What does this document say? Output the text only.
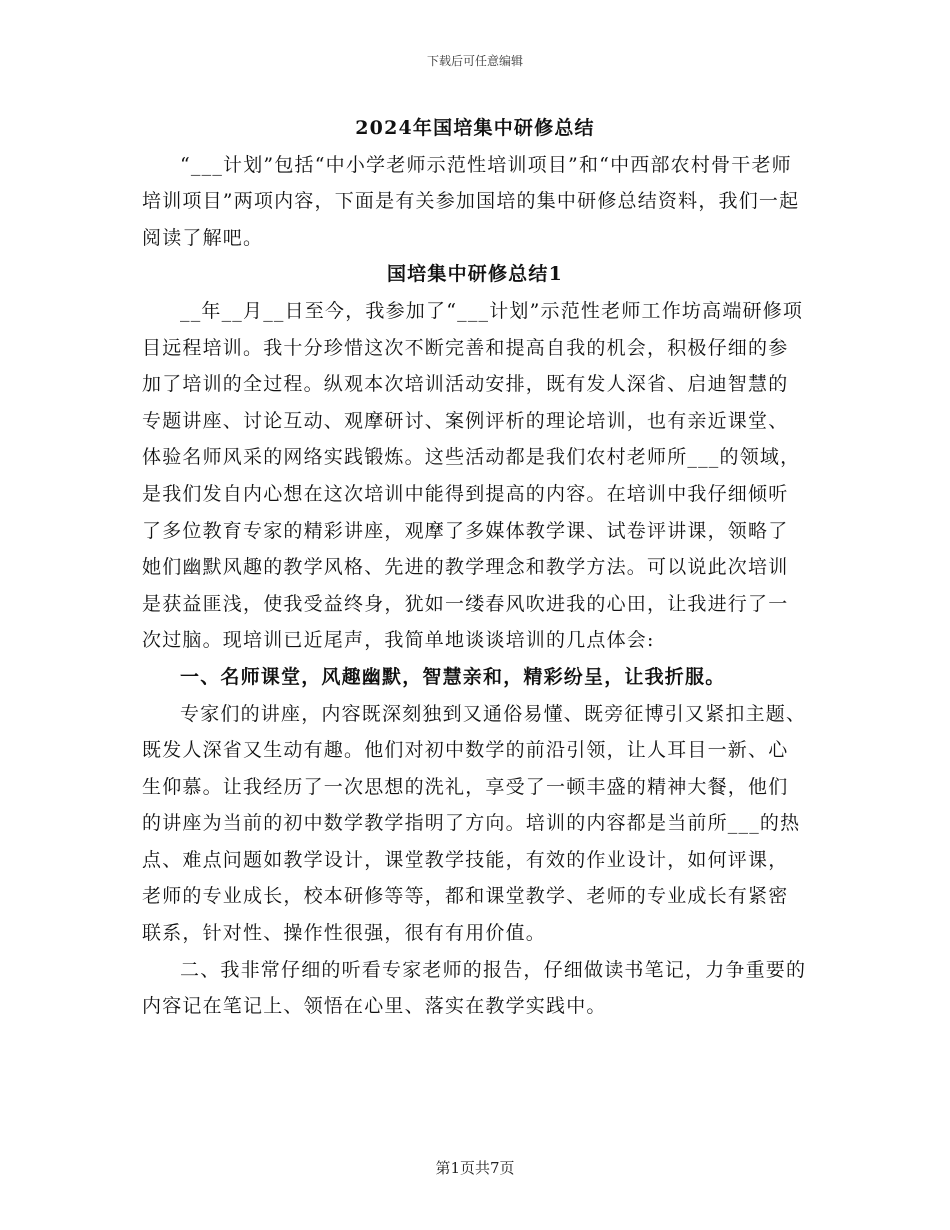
下载后可任意编辑

2024年国培集中研修总结

“___计划”包括“中小学老师示范性培训项目”和“中西部农村骨干老师培训项目”两项内容，下面是有关参加国培的集中研修总结资料，我们一起阅读了解吧。

国培集中研修总结1

__年__月__日至今，我参加了“___计划”示范性老师工作坊高端研修项目远程培训。我十分珍惜这次不断完善和提高自我的机会，积极仔细的参加了培训的全过程。纵观本次培训活动安排，既有发人深省、启迪智慧的专题讲座、讨论互动、观摩研讨、案例评析的理论培训，也有亲近课堂、体验名师风采的网络实践锻炼。这些活动都是我们农村老师所___的领域，是我们发自内心想在这次培训中能得到提高的内容。在培训中我仔细倾听了多位教育专家的精彩讲座，观摩了多媒体教学课、试卷评讲课，领略了她们幽默风趣的教学风格、先进的教学理念和教学方法。可以说此次培训是获益匪浅，使我受益终身，犹如一缕春风吹进我的心田，让我进行了一次过脑。现培训已近尾声，我简单地谈谈培训的几点体会:

一、名师课堂，风趣幽默，智慧亲和，精彩纷呈，让我折服。

专家们的讲座，内容既深刻独到又通俗易懂、既旁征博引又紧扣主题、既发人深省又生动有趣。他们对初中数学的前沿引领，让人耳目一新、心生仰慕。让我经历了一次思想的洗礼，享受了一顿丰盛的精神大餐，他们的讲座为当前的初中数学教学指明了方向。培训的内容都是当前所___的热点、难点问题如教学设计，课堂教学技能，有效的作业设计，如何评课，老师的专业成长，校本研修等等，都和课堂教学、老师的专业成长有紧密联系，针对性、操作性很强，很有有用价值。

二、我非常仔细的听看专家老师的报告，仔细做读书笔记，力争重要的内容记在笔记上、领悟在心里、落实在教学实践中。

第1页共7页
